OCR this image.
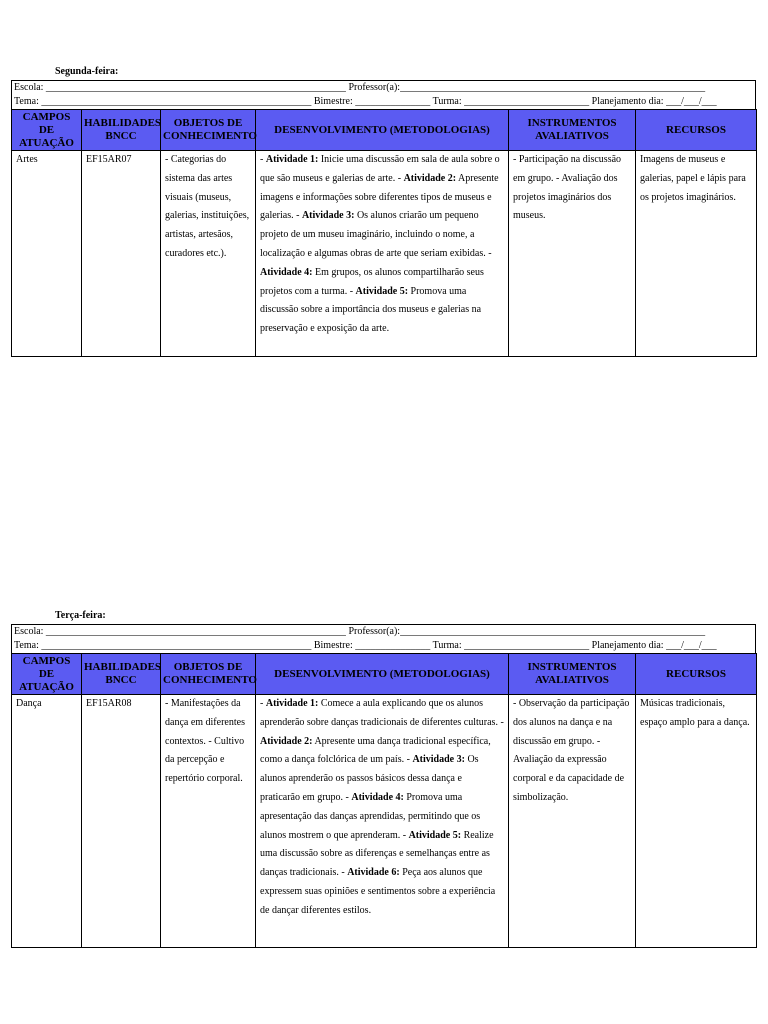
Segunda-feira:
Escola: ____________________________________________________________ Professor(a):_____________________________________________________________
Tema: ______________________________________________________ Bimestre: _______________ Turma: _________________________ Planejamento dia: ___/___/___
CAMPOS DE ATUAÇÃO	HABILIDADES BNCC	OBJETOS DE CONHECIMENTO	DESENVOLVIMENTO (METODOLOGIAS)	INSTRUMENTOS AVALIATIVOS	RECURSOS
Artes	EF15AR07	- Categorias do sistema das artes visuais (museus, galerias, instituições, artistas, artesãos, curadores etc.).	- Atividade 1: Inicie uma discussão em sala de aula sobre o que são museus e galerias de arte. - Atividade 2: Apresente imagens e informações sobre diferentes tipos de museus e galerias. - Atividade 3: Os alunos criarão um pequeno projeto de um museu imaginário, incluindo o nome, a localização e algumas obras de arte que seriam exibidas. - Atividade 4: Em grupos, os alunos compartilharão seus projetos com a turma. - Atividade 5: Promova uma discussão sobre a importância dos museus e galerias na preservação e exposição da arte.	- Participação na discussão em grupo. - Avaliação dos projetos imaginários dos museus.	Imagens de museus e galerias, papel e lápis para os projetos imaginários.
Terça-feira:
Escola: ____________________________________________________________ Professor(a):_____________________________________________________________
Tema: ______________________________________________________ Bimestre: _______________ Turma: _________________________ Planejamento dia: ___/___/___
CAMPOS DE ATUAÇÃO	HABILIDADES BNCC	OBJETOS DE CONHECIMENTO	DESENVOLVIMENTO (METODOLOGIAS)	INSTRUMENTOS AVALIATIVOS	RECURSOS
Dança	EF15AR08	- Manifestações da dança em diferentes contextos. - Cultivo da percepção e repertório corporal.	- Atividade 1: Comece a aula explicando que os alunos aprenderão sobre danças tradicionais de diferentes culturas. - Atividade 2: Apresente uma dança tradicional específica, como a dança folclórica de um país. - Atividade 3: Os alunos aprenderão os passos básicos dessa dança e praticarão em grupo. - Atividade 4: Promova uma apresentação das danças aprendidas, permitindo que os alunos mostrem o que aprenderam. - Atividade 5: Realize uma discussão sobre as diferenças e semelhanças entre as danças tradicionais. - Atividade 6: Peça aos alunos que expressem suas opiniões e sentimentos sobre a experiência de dançar diferentes estilos.	- Observação da participação dos alunos na dança e na discussão em grupo. - Avaliação da expressão corporal e da capacidade de simbolização.	Músicas tradicionais, espaço amplo para a dança.
